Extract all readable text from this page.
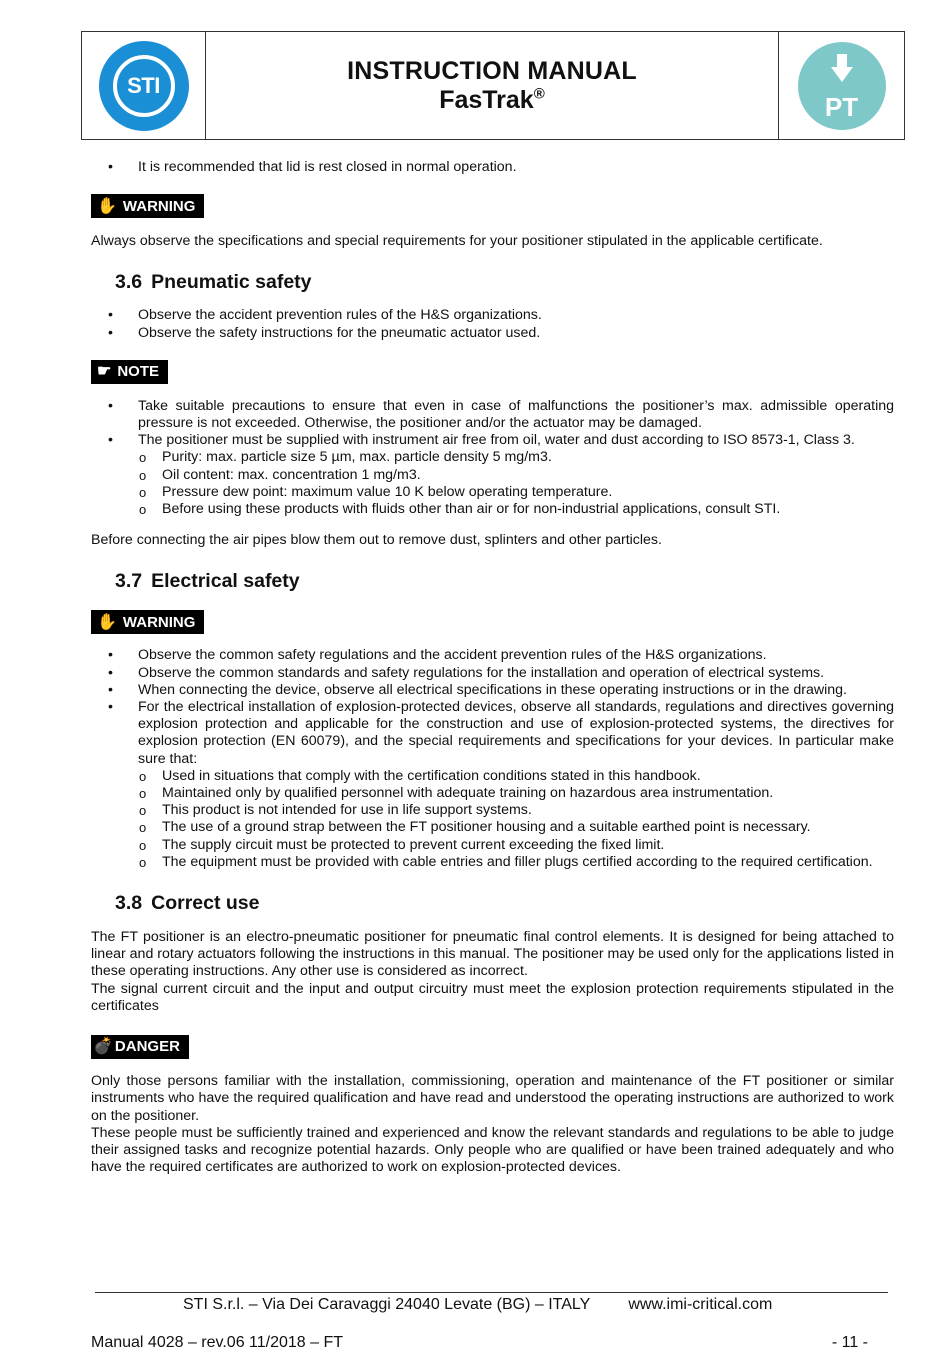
STI
INSTRUCTION MANUAL
FasTrak®	PT
• It is recommended that lid is rest closed in normal operation.
✋ WARNING

Always observe the specifications and special requirements for your positioner stipulated in the applicable certificate.

3.6 Pneumatic safety
• Observe the accident prevention rules of the H&S organizations.
• Observe the safety instructions for the pneumatic actuator used.
☛ NOTE
• Take suitable precautions to ensure that even in case of malfunctions the positioner’s max. admissible operating pressure is not exceeded. Otherwise, the positioner and/or the actuator may be damaged.
• The positioner must be supplied with instrument air free from oil, water and dust according to ISO 8573-1, Class 3.
o Purity: max. particle size 5 µm, max. particle density 5 mg/m3.
o Oil content: max. concentration 1 mg/m3.
o Pressure dew point: maximum value 10 K below operating temperature.
o Before using these products with fluids other than air or for non-industrial applications, consult STI.

Before connecting the air pipes blow them out to remove dust, splinters and other particles.

3.7 Electrical safety
✋ WARNING
• Observe the common safety regulations and the accident prevention rules of the H&S organizations.
• Observe the common standards and safety regulations for the installation and operation of electrical systems.
• When connecting the device, observe all electrical specifications in these operating instructions or in the drawing.
• For the electrical installation of explosion-protected devices, observe all standards, regulations and directives governing explosion protection and applicable for the construction and use of explosion-protected systems, the directives for explosion protection (EN 60079), and the special requirements and specifications for your devices. In particular make sure that:
o Used in situations that comply with the certification conditions stated in this handbook.
o Maintained only by qualified personnel with adequate training on hazardous area instrumentation.
o This product is not intended for use in life support systems.
o The use of a ground strap between the FT positioner housing and a suitable earthed point is necessary.
o The supply circuit must be protected to prevent current exceeding the fixed limit.
o The equipment must be provided with cable entries and filler plugs certified according to the required certification.
3.8 Correct use

The FT positioner is an electro-pneumatic positioner for pneumatic final control elements. It is designed for being attached to linear and rotary actuators following the instructions in this manual. The positioner may be used only for the applications listed in these operating instructions. Any other use is considered as incorrect.

The signal current circuit and the input and output circuitry must meet the explosion protection requirements stipulated in the certificates

💣 DANGER

Only those persons familiar with the installation, commissioning, operation and maintenance of the FT positioner or similar instruments who have the required qualification and have read and understood the operating instructions are authorized to work on the positioner.

These people must be sufficiently trained and experienced and know the relevant standards and regulations to be able to judge their assigned tasks and recognize potential hazards. Only people who are qualified or have been trained adequately and who have the required certificates are authorized to work on explosion-protected devices.

STI S.r.l. – Via Dei Caravaggi 24040 Levate (BG) – ITALY www.imi-critical.com
Manual 4028 – rev.06 11/2018 – FT	- 11 -
